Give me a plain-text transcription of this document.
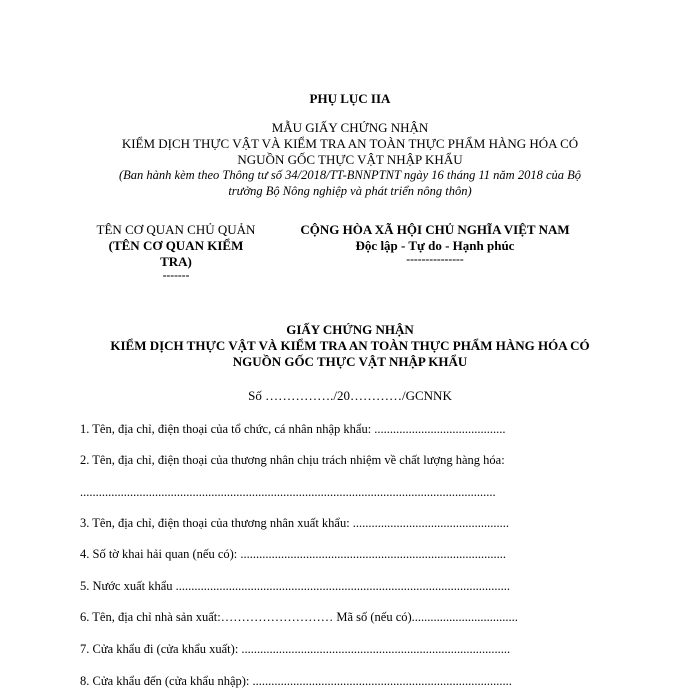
PHỤ LỤC IIA
MẪU GIẤY CHỨNG NHẬN
KIỂM DỊCH THỰC VẬT VÀ KIỂM TRA AN TOÀN THỰC PHẨM HÀNG HÓA CÓ
NGUỒN GỐC THỰC VẬT NHẬP KHẨU
(Ban hành kèm theo Thông tư số 34/2018/TT-BNNPTNT ngày 16 tháng 11 năm 2018 của Bộ
trưởng Bộ Nông nghiệp và phát triển nông thôn)
TÊN CƠ QUAN CHỦ QUẢN
(TÊN CƠ QUAN KIỂM
TRA)
-------
CỘNG HÒA XÃ HỘI CHỦ NGHĨA VIỆT NAM
Độc lập - Tự do - Hạnh phúc
---------------
GIẤY CHỨNG NHẬN
KIỂM DỊCH THỰC VẬT VÀ KIỂM TRA AN TOÀN THỰC PHẨM HÀNG HÓA CÓ
NGUỒN GỐC THỰC VẬT NHẬP KHẨU
Số ……………./20…………/GCNNK
1. Tên, địa chỉ, điện thoại của tổ chức, cá nhân nhập khẩu: ..........................................
2. Tên, địa chỉ, điện thoại của thương nhân chịu trách nhiệm về chất lượng hàng hóa:
.....................................................................................................................................
3. Tên, địa chỉ, điện thoại của thương nhân xuất khẩu: ..................................................
4. Số tờ khai hải quan (nếu có): .....................................................................................
5. Nước xuất khẩu ...........................................................................................................
6. Tên, địa chỉ nhà sản xuất:……………………… Mã số (nếu có)..................................
7. Cửa khẩu đi (cửa khẩu xuất): ......................................................................................
8. Cửa khẩu đến (cửa khẩu nhập): ...................................................................................
